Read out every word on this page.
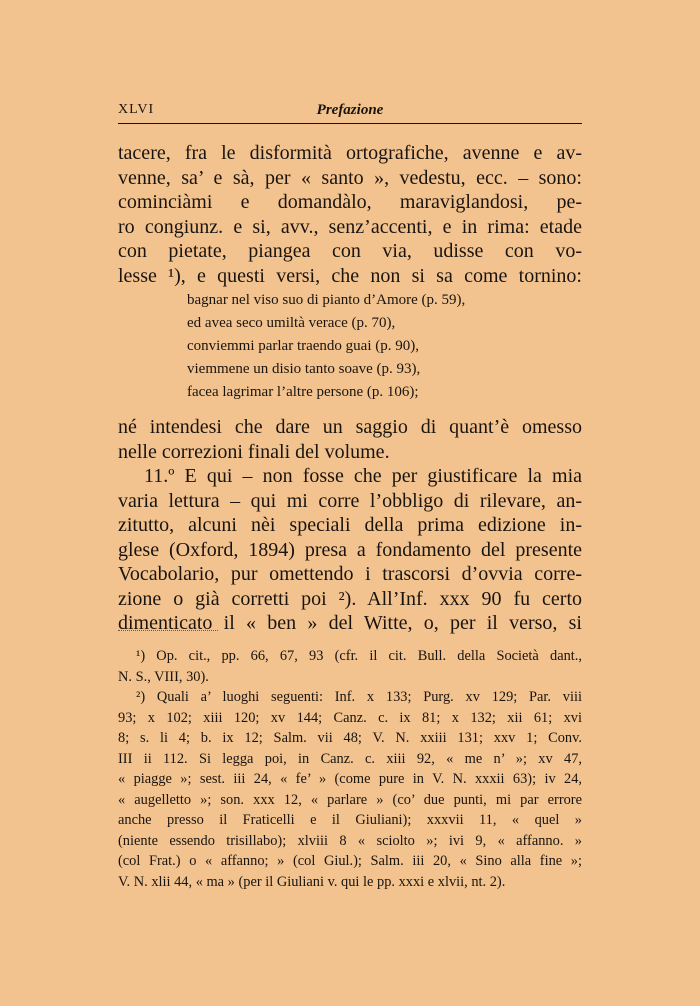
XLVI	Prefazione
tacere, fra le disformità ortografiche, avenne e av-
venne, sa’ e sà, per « santo », vedestu, ecc. – sono:
cominciàmi e domandàlo, maraviglandosi, pe-
ro congiunz. e si, avv., senz’accenti, e in rima: etade
con pietate, piangea con via, udisse con vo-
lesse ¹), e questi versi, che non si sa come tornino:
bagnar nel viso suo di pianto d’Amore (p. 59),
ed avea seco umiltà verace (p. 70),
conviemmi parlar traendo guai (p. 90),
viemmene un disio tanto soave (p. 93),
facea lagrimar l’altre persone (p. 106);
né intendesi che dare un saggio di quant’è omesso
nelle correzioni finali del volume.
11.º E qui – non fosse che per giustificare la mia
varia lettura – qui mi corre l’obbligo di rilevare, an-
zitutto, alcuni nèi speciali della prima edizione in-
glese (Oxford, 1894) presa a fondamento del presente
Vocabolario, pur omettendo i trascorsi d’ovvia corre-
zione o già corretti poi ²). All’Inf. xxx 90 fu certo
dimenticato il « ben » del Witte, o, per il verso, si
¹) Op. cit., pp. 66, 67, 93 (cfr. il cit. Bull. della Società dant.,
N. S., VIII, 30).
²) Quali a’ luoghi seguenti: Inf. x 133; Purg. xv 129; Par. viii
93; x 102; xiii 120; xv 144; Canz. c. ix 81; x 132; xii 61; xvi
8; s. li 4; b. ix 12; Salm. vii 48; V. N. xxiii 131; xxv 1; Conv.
III ii 112. Si legga poi, in Canz. c. xiii 92, « me n’ »; xv 47,
« piagge »; sest. iii 24, « fe’ » (come pure in V. N. xxxii 63); iv 24,
« augelletto »; son. xxx 12, « parlare » (co’ due punti, mi par errore
anche presso il Fraticelli e il Giuliani); xxxvii 11, « quel »
(niente essendo trisillabo); xlviii 8 « sciolto »; ivi 9, « affanno. »
(col Frat.) o « affanno; » (col Giul.); Salm. iii 20, « Sino alla fine »;
V. N. xlii 44, « ma » (per il Giuliani v. qui le pp. xxxi e xlvii, nt. 2).
